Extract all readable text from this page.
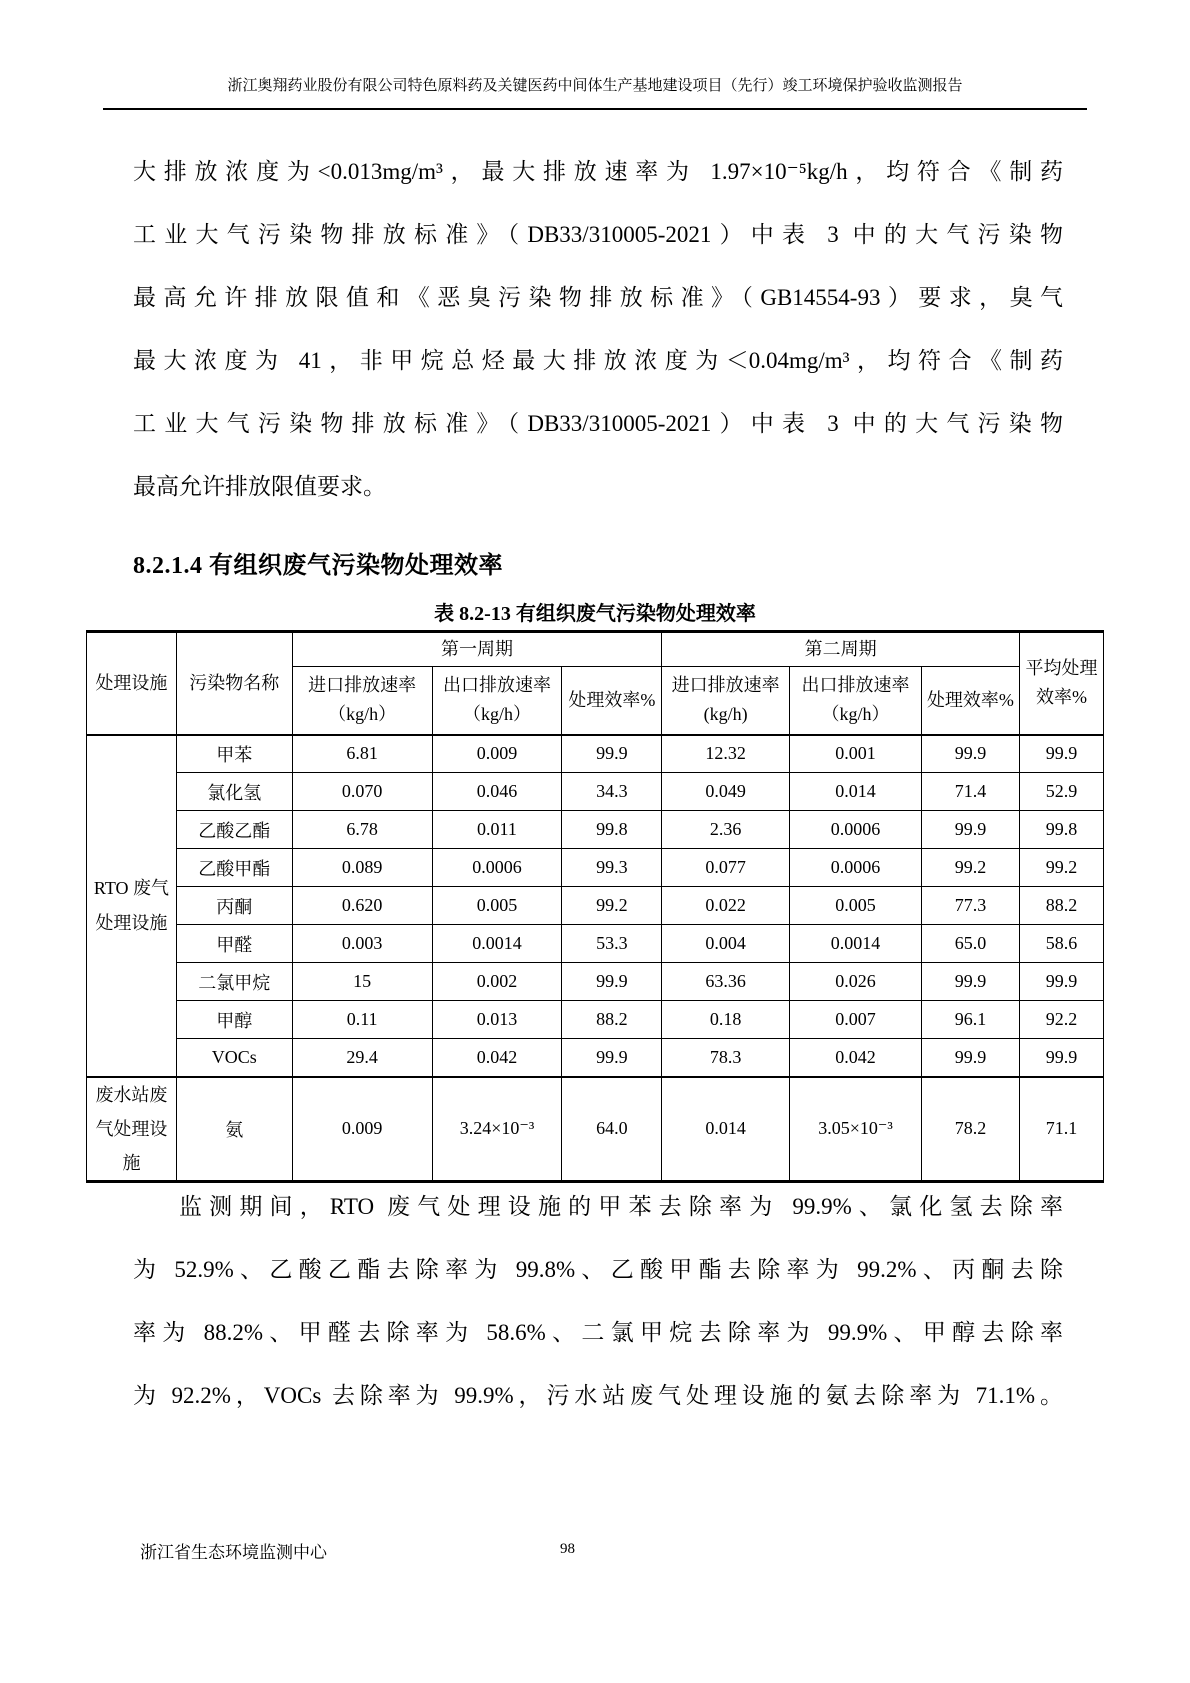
浙江奥翔药业股份有限公司特色原料药及关键医药中间体生产基地建设项目（先行）竣工环境保护验收监测报告
大排放浓度为<0.013mg/m³，最大排放速率为 1.97×10⁻⁵kg/h，均符合《制药
工业大气污染物排放标准》（DB33/310005-2021）中表 3 中的大气污染物
最高允许排放限值和《恶臭污染物排放标准》（GB14554-93）要求，臭气
最大浓度为 41，非甲烷总烃最大排放浓度为＜0.04mg/m³，均符合《制药
工业大气污染物排放标准》（DB33/310005-2021）中表 3 中的大气污染物
最高允许排放限值要求。
8.2.1.4 有组织废气污染物处理效率
表 8.2-13 有组织废气污染物处理效率
处理设施	污染物名称	第一周期			第二周期			平均处理效率%
		进口排放速率（kg/h）	出口排放速率（kg/h）	处理效率%	进口排放速率(kg/h)	出口排放速率（kg/h）	处理效率%	
RTO 废气处理设施	甲苯	6.81	0.009	99.9	12.32	0.001	99.9	99.9
	氯化氢	0.070	0.046	34.3	0.049	0.014	71.4	52.9
	乙酸乙酯	6.78	0.011	99.8	2.36	0.0006	99.9	99.8
	乙酸甲酯	0.089	0.0006	99.3	0.077	0.0006	99.2	99.2
	丙酮	0.620	0.005	99.2	0.022	0.005	77.3	88.2
	甲醛	0.003	0.0014	53.3	0.004	0.0014	65.0	58.6
	二氯甲烷	15	0.002	99.9	63.36	0.026	99.9	99.9
	甲醇	0.11	0.013	88.2	0.18	0.007	96.1	92.2
	VOCs	29.4	0.042	99.9	78.3	0.042	99.9	99.9
废水站废气处理设施	氨	0.009	3.24×10⁻³	64.0	0.014	3.05×10⁻³	78.2	71.1
监测期间，RTO 废气处理设施的甲苯去除率为 99.9%、氯化氢去除率
为 52.9%、乙酸乙酯去除率为 99.8%、乙酸甲酯去除率为 99.2%、丙酮去除
率为 88.2%、甲醛去除率为 58.6%、二氯甲烷去除率为 99.9%、甲醇去除率
为 92.2%，VOCs 去除率为 99.9%，污水站废气处理设施的氨去除率为 71.1%。
浙江省生态环境监测中心	98
